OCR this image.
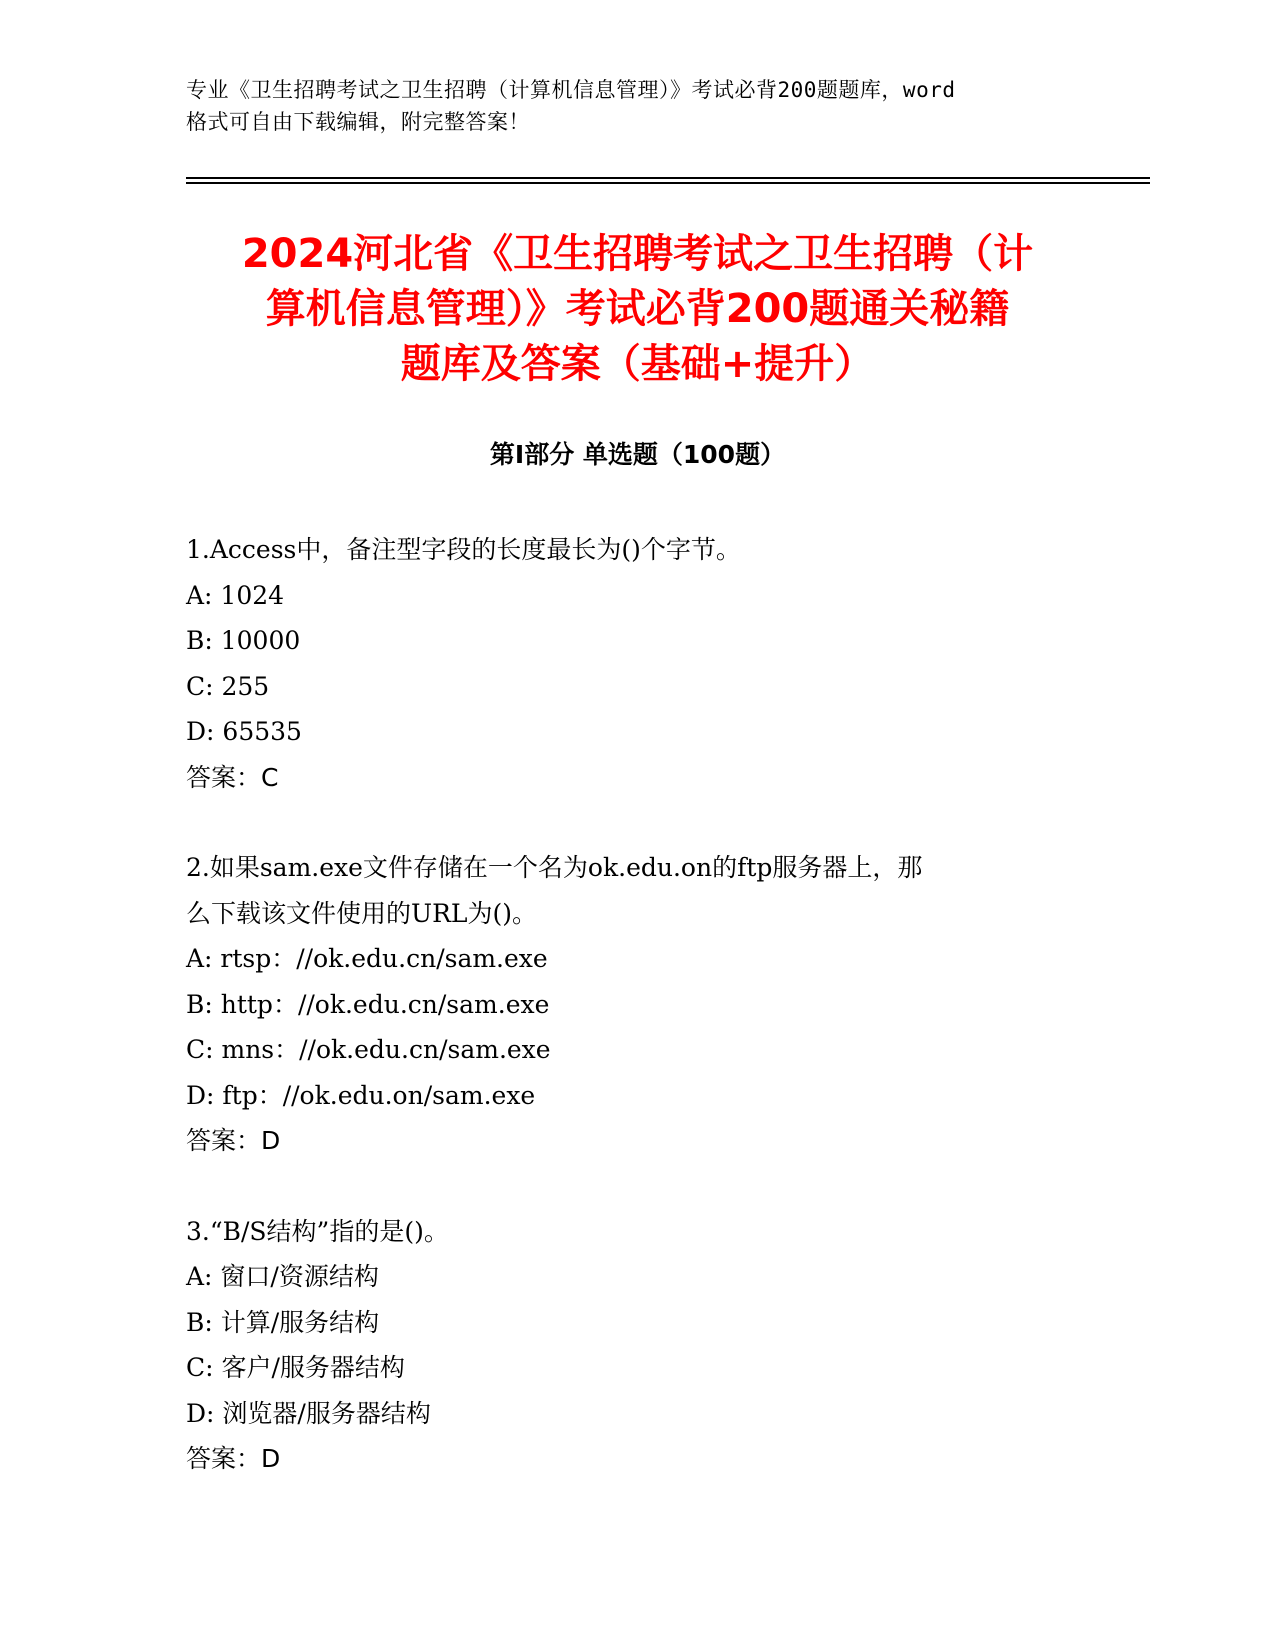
专业《卫生招聘考试之卫生招聘（计算机信息管理）》考试必背200题题库，word
格式可自由下载编辑，附完整答案！
2024河北省《卫生招聘考试之卫生招聘（计
算机信息管理）》考试必背200题通关秘籍
题库及答案（基础+提升）
第Ⅰ部分 单选题（100题）
1.Access中，备注型字段的长度最长为()个字节。
A: 1024
B: 10000
C: 255
D: 65535
答案：C
2.如果sam.exe文件存储在一个名为ok.edu.on的ftp服务器上，那
么下载该文件使用的URL为()。
A: rtsp：//ok.edu.cn/sam.exe
B: http：//ok.edu.cn/sam.exe
C: mns：//ok.edu.cn/sam.exe
D: ftp：//ok.edu.on/sam.exe
答案：D
3.“B/S结构”指的是()。
A: 窗口/资源结构
B: 计算/服务结构
C: 客户/服务器结构
D: 浏览器/服务器结构
答案：D
